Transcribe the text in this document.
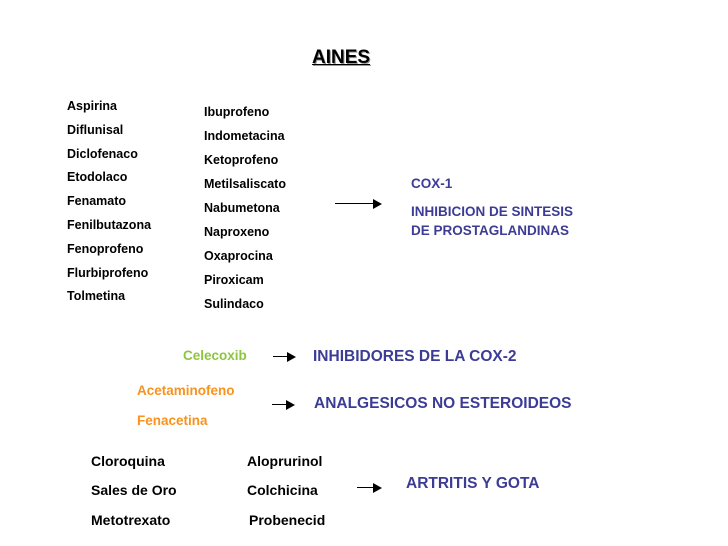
AINES
Aspirina
Diflunisal
Diclofenaco
Etodolaco
Fenamato
Fenilbutazona
Fenoprofeno
Flurbiprofeno
Tolmetina
Ibuprofeno
Indometacina
Ketoprofeno
Metilsaliscato
Nabumetona
Naproxeno
Oxaprocina
Piroxicam
Sulindaco
COX-1
INHIBICION DE SINTESIS
DE PROSTAGLANDINAS
Celecoxib	INHIBIDORES DE LA COX-2
Acetaminofeno
Fenacetina
ANALGESICOS NO ESTEROIDEOS
Cloroquina
Sales de Oro
Metotrexato
Aloprurinol
Colchicina
Probenecid
ARTRITIS Y GOTA
